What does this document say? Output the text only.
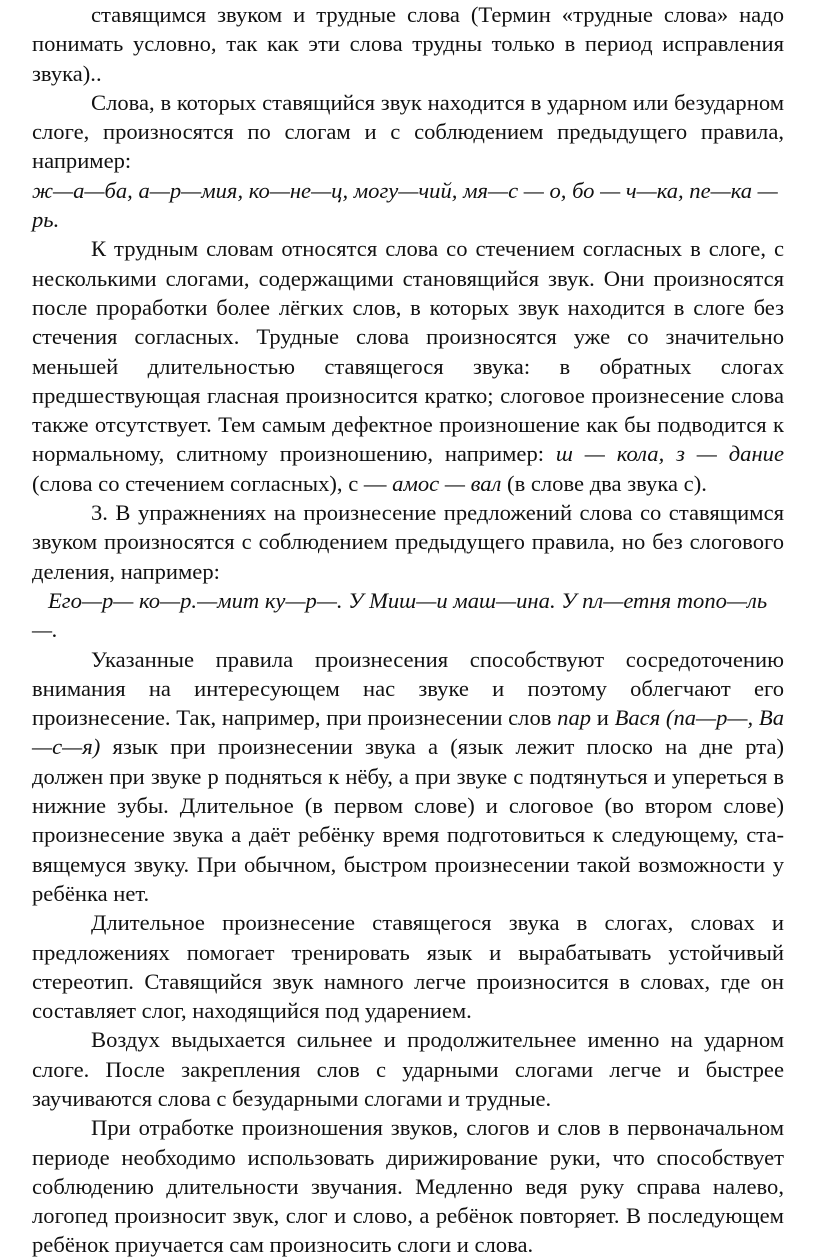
ставящимся звуком и трудные слова (Термин «трудные слова» надо понимать условно, так как эти слова трудны только в период исправления звука)..

Слова, в которых ставящийся звук находится в ударном или безударном слоге, произносятся по слогам и с соблюдением предыдущего правила, например:

ж—а—ба, а—р—мия, ко—не—ц, могу—чий, мя—с — о, бо — ч—ка, пе—ка — рь.

К трудным словам относятся слова со стечением согласных в слоге, с несколькими слогами, содержащими становящийся звук. Они произносятся после проработки более лёгких слов, в которых звук находится в слоге без стечения согласных. Трудные слова произносятся уже со значительно меньшей длительностью ставящегося звука: в обратных слогах предшествующая гласная произносится кратко; слоговое произнесение слова также отсутствует. Тем самым дефектное произношение как бы подводится к нормальному, слитному произношению, например: ш — кола, з — дание (слова со стечением согласных), с — амос — вал (в слове два звука с).

3. В упражнениях на произнесение предложений слова со ставящимся звуком произносятся с соблюдением предыдущего правила, но без слогового деления, например:

Его—р— ко—р.—мит ку—р—. У Миш—и маш—ина. У пл—етня топо—ль—.

Указанные правила произнесения способствуют сосредоточению внимания на интересующем нас звуке и поэтому облегчают его произнесение. Так, например, при произнесении слов пар и Вася (па—р—, Ва—с—я) язык при произнесении звука а (язык лежит плоско на дне рта) должен при звуке р подняться к нёбу, а при звуке с подтянуться и упереться в нижние зубы. Длительное (в первом слове) и слоговое (во втором слове) произнесение звука а даёт ребёнку время подготовиться к следующему, ста-вящемуся звуку. При обычном, быстром произнесении такой возможности у ребёнка нет.

Длительное произнесение ставящегося звука в слогах, словах и предложениях помогает тренировать язык и вырабатывать устойчивый стереотип. Ставящийся звук намного легче произносится в словах, где он составляет слог, находящийся под ударением.

Воздух выдыхается сильнее и продолжительнее именно на ударном слоге. После закрепления слов с ударными слогами легче и быстрее заучиваются слова с безударными слогами и трудные.

При отработке произношения звуков, слогов и слов в первоначальном периоде необходимо использовать дирижирование руки, что способствует соблюдению длительности звучания. Медленно ведя руку справа налево, логопед произносит звук, слог и слово, а ребёнок повторяет. В последующем ребёнок приучается сам произносить слоги и слова.
